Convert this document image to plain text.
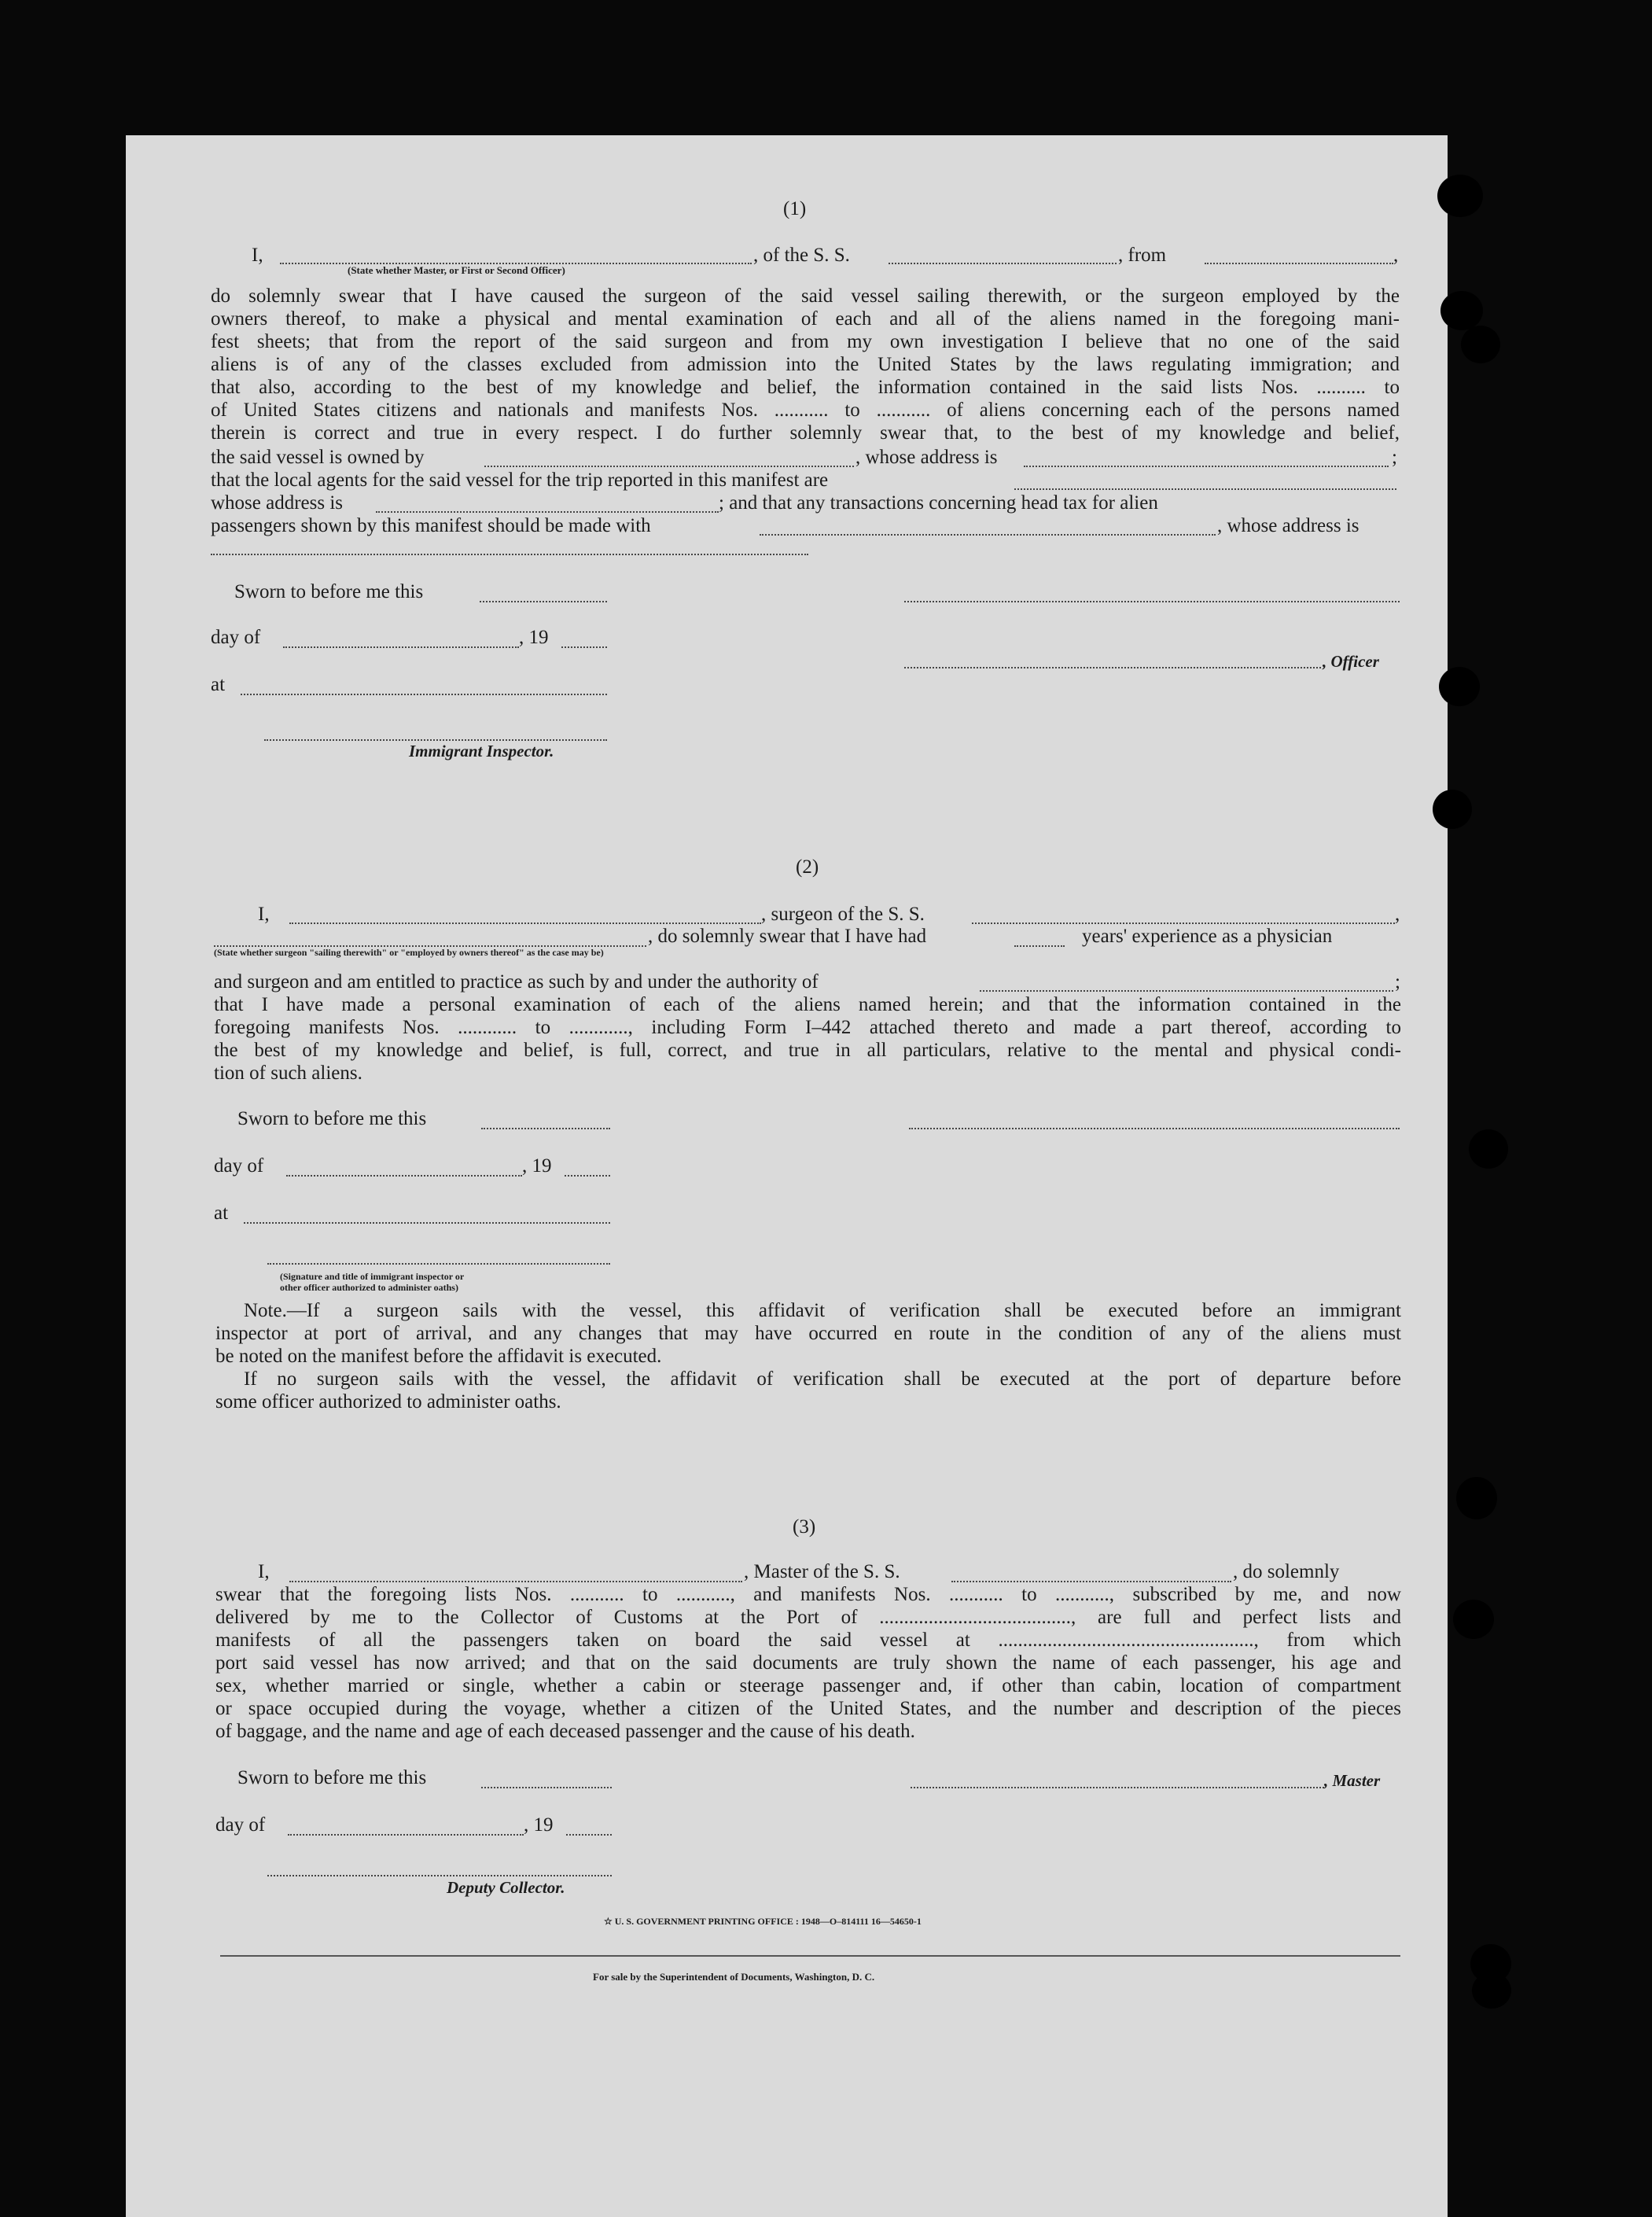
(1)
I,
(State whether Master, or First or Second Officer)
, of the S. S.	, from	,
do solemnly swear that I have caused the surgeon of the said vessel sailing therewith, or the surgeon employed by the
owners thereof, to make a physical and mental examination of each and all of the aliens named in the foregoing mani-
fest sheets; that from the report of the said surgeon and from my own investigation I believe that no one of the said
aliens is of any of the classes excluded from admission into the United States by the laws regulating immigration; and
that also, according to the best of my knowledge and belief, the information contained in the said lists Nos. .......... to
of United States citizens and nationals and manifests Nos. ........... to ........... of aliens concerning each of the persons named
therein is correct and true in every respect. I do further solemnly swear that, to the best of my knowledge and belief,
the said vessel is owned by	, whose address is	;
that the local agents for the said vessel for the trip reported in this manifest are
whose address is	; and that any transactions concerning head tax for alien
passengers shown by this manifest should be made with	, whose address is
Sworn to before me this
day of	, 19
, Officer
at
Immigrant Inspector.
(2)
I,	, surgeon of the S. S.	,
, do solemnly swear that I have had	years' experience as a physician
(State whether surgeon "sailing therewith" or "employed by owners thereof" as the case may be)
and surgeon and am entitled to practice as such by and under the authority of	;
that I have made a personal examination of each of the aliens named herein; and that the information contained in the
foregoing manifests Nos. ............ to ............, including Form I–442 attached thereto and made a part thereof, according to
the best of my knowledge and belief, is full, correct, and true in all particulars, relative to the mental and physical condi-
tion of such aliens.
Sworn to before me this
day of	, 19
at
(Signature and title of immigrant inspector or
other officer authorized to administer oaths)
Note.—If a surgeon sails with the vessel, this affidavit of verification shall be executed before an immigrant
inspector at port of arrival, and any changes that may have occurred en route in the condition of any of the aliens must
be noted on the manifest before the affidavit is executed.
If no surgeon sails with the vessel, the affidavit of verification shall be executed at the port of departure before
some officer authorized to administer oaths.
(3)
I,	, Master of the S. S.	, do solemnly
swear that the foregoing lists Nos. ........... to ..........., and manifests Nos. ........... to ..........., subscribed by me, and now
delivered by me to the Collector of Customs at the Port of ......................................., are full and perfect lists and
manifests of all the passengers taken on board the said vessel at ...................................................., from which
port said vessel has now arrived; and that on the said documents are truly shown the name of each passenger, his age and
sex, whether married or single, whether a cabin or steerage passenger and, if other than cabin, location of compartment
or space occupied during the voyage, whether a citizen of the United States, and the number and description of the pieces
of baggage, and the name and age of each deceased passenger and the cause of his death.
Sworn to before me this	, Master
day of	, 19
Deputy Collector.
☆ U. S. GOVERNMENT PRINTING OFFICE : 1948—O–814111 16—54650-1
For sale by the Superintendent of Documents, Washington, D. C.
